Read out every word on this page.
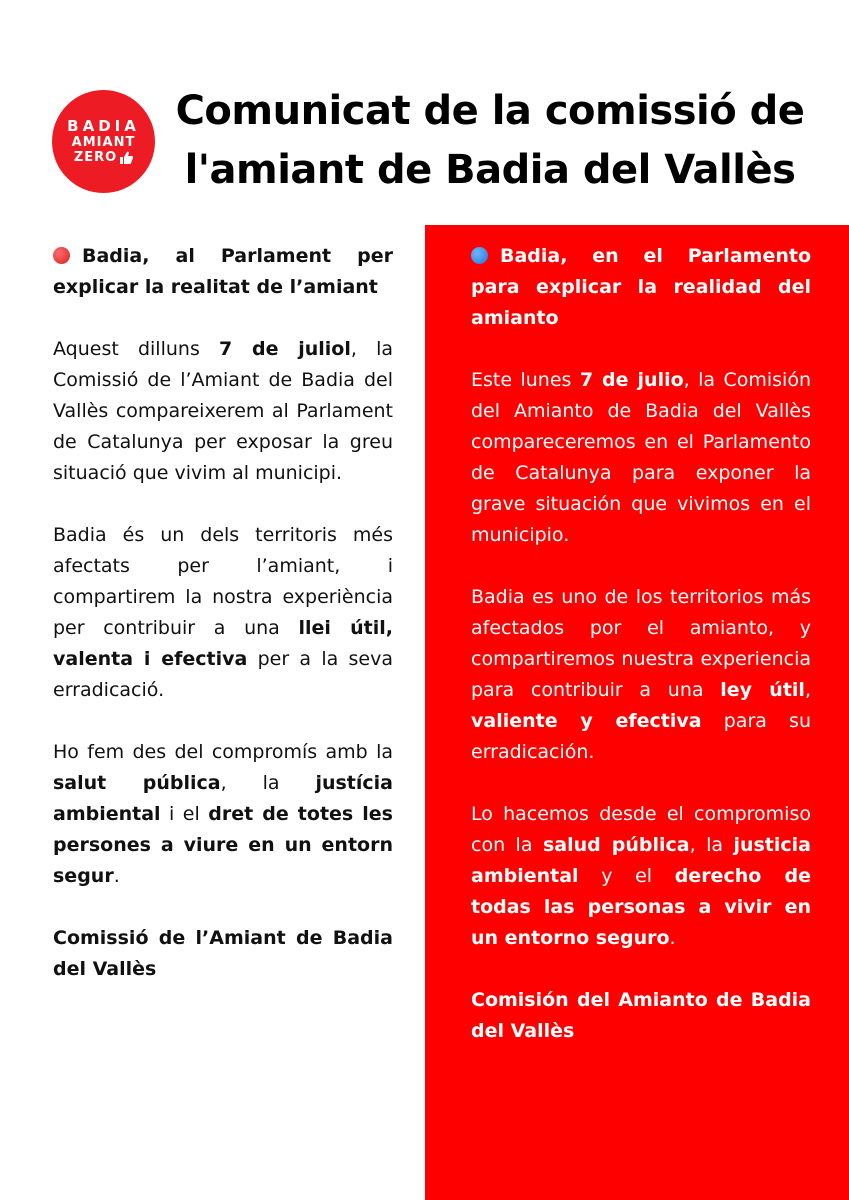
BADIA
AMIANT
ZERO
Comunicat de la comissió de
l'amiant de Badia del Vallès

Badia, al Parlament per explicar la realitat de l’amiant

Aquest dilluns 7 de juliol, la Comissió de l’Amiant de Badia del Vallès compareixerem al Parlament de Catalunya per exposar la greu situació que vivim al municipi.

Badia és un dels territoris més afectats per l’amiant, i compartirem la nostra experiència per contribuir a una llei útil, valenta i efectiva per a la seva erradicació.

Ho fem des del compromís amb la salut pública, la justícia ambiental i el dret de totes les persones a viure en un entorn segur.

Comissió de l’Amiant de Badia del Vallès

Badia, en el Parlamento para explicar la realidad del amianto

Este lunes 7 de julio, la Comisión del Amianto de Badia del Vallès compareceremos en el Parlamento de Catalunya para exponer la grave situación que vivimos en el municipio.

Badia es uno de los territorios más afectados por el amianto, y compartiremos nuestra experiencia para contribuir a una ley útil, valiente y efectiva para su erradicación.

Lo hacemos desde el compromiso con la salud pública, la justicia ambiental y el derecho de todas las personas a vivir en un entorno seguro.

Comisión del Amianto de Badia del Vallès
